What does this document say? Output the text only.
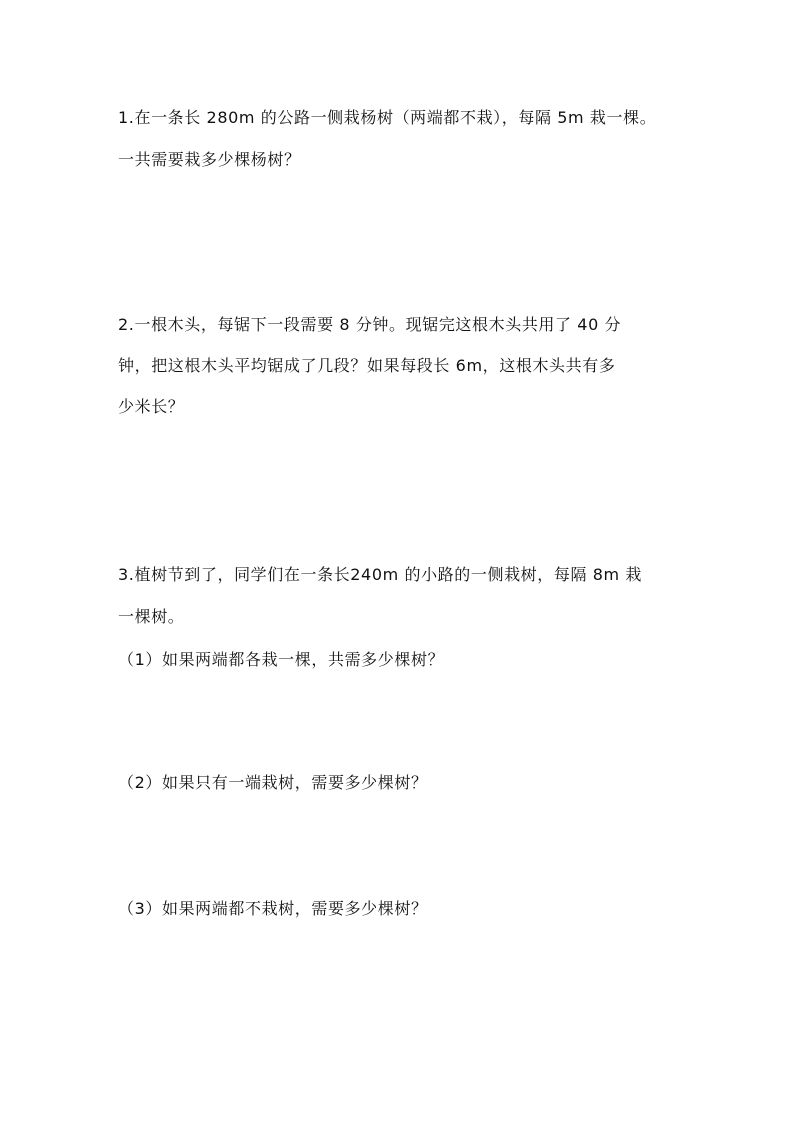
1.在一条长 280m 的公路一侧栽杨树（两端都不栽），每隔 5m 栽一棵。
一共需要栽多少棵杨树？
2.一根木头，每锯下一段需要 8 分钟。现锯完这根木头共用了 40 分
钟，把这根木头平均锯成了几段？如果每段长 6m，这根木头共有多
少米长？
3.植树节到了，同学们在一条长240m 的小路的一侧栽树，每隔 8m 栽
一棵树。
（1）如果两端都各栽一棵，共需多少棵树？
（2）如果只有一端栽树，需要多少棵树？
（3）如果两端都不栽树，需要多少棵树？
